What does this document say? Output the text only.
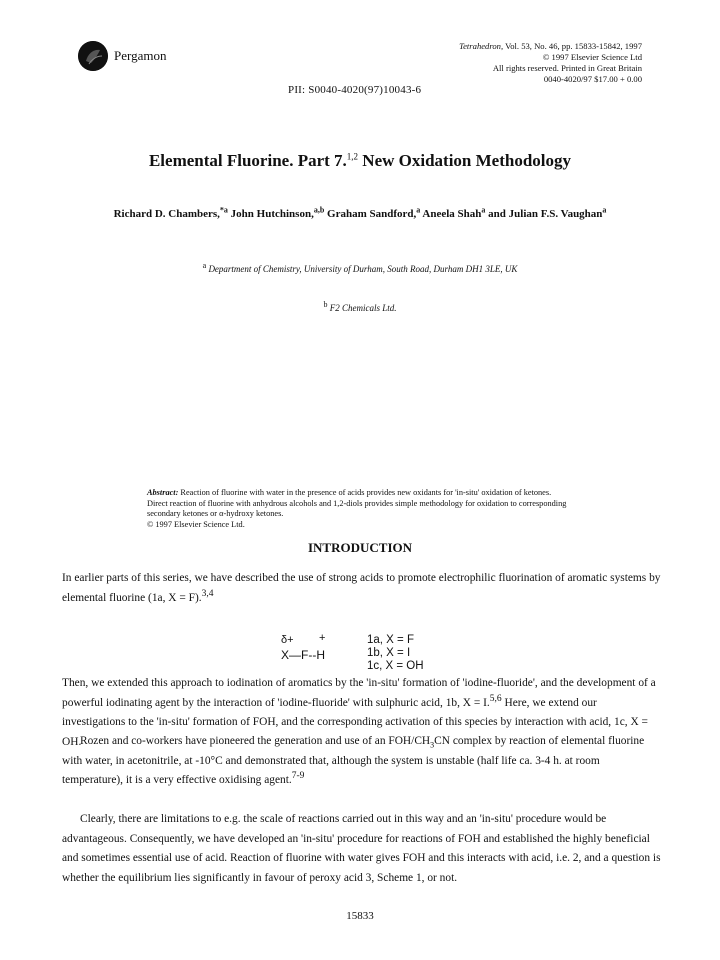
Pergamon
Tetrahedron, Vol. 53, No. 46, pp. 15833-15842, 1997
© 1997 Elsevier Science Ltd
All rights reserved. Printed in Great Britain
0040-4020/97 $17.00 + 0.00
PII: S0040-4020(97)10043-6
Elemental Fluorine. Part 7.$^{1,2}$ New Oxidation Methodology
Richard D. Chambers,$^{*a}$ John Hutchinson,$^{a,b}$ Graham Sandford,$^a$ Aneela Shah$^a$ and Julian F.S. Vaughan$^a$
$^a$ Department of Chemistry, University of Durham, South Road, Durham DH1 3LE, UK
$^b$ F2 Chemicals Ltd.
Abstract: Reaction of fluorine with water in the presence of acids provides new oxidants for 'in-situ' oxidation of ketones. Direct reaction of fluorine with anhydrous alcohols and 1,2-diols provides simple methodology for oxidation to corresponding secondary ketones or α-hydroxy ketones.
© 1997 Elsevier Science Ltd.
INTRODUCTION
In earlier parts of this series, we have described the use of strong acids to promote electrophilic fluorination of aromatic systems by elemental fluorine (1a, X = F).$^{3,4}$
δ+ +
X—F--H
1a, X = F
1b, X = I
1c, X = OH
Then, we extended this approach to iodination of aromatics by the 'in-situ' formation of 'iodine-fluoride', and the development of a powerful iodinating agent by the interaction of 'iodine-fluoride' with sulphuric acid, 1b, X = I.$^{5,6}$ Here, we extend our investigations to the 'in-situ' formation of FOH, and the corresponding activation of this species by interaction with acid, 1c, X = OH.
Rozen and co-workers have pioneered the generation and use of an FOH/$CH_3CN$ complex by reaction of elemental fluorine with water, in acetonitrile, at -10°C and demonstrated that, although the system is unstable (half life ca. 3-4 h. at room temperature), it is a very effective oxidising agent.$^{7-9}$
Clearly, there are limitations to e.g. the scale of reactions carried out in this way and an 'in-situ' procedure would be advantageous. Consequently, we have developed an 'in-situ' procedure for reactions of FOH and established the highly beneficial and sometimes essential use of acid. Reaction of fluorine with water gives FOH and this interacts with acid, i.e. 2, and a question is whether the equilibrium lies significantly in favour of peroxy acid 3, Scheme 1, or not.
15833
